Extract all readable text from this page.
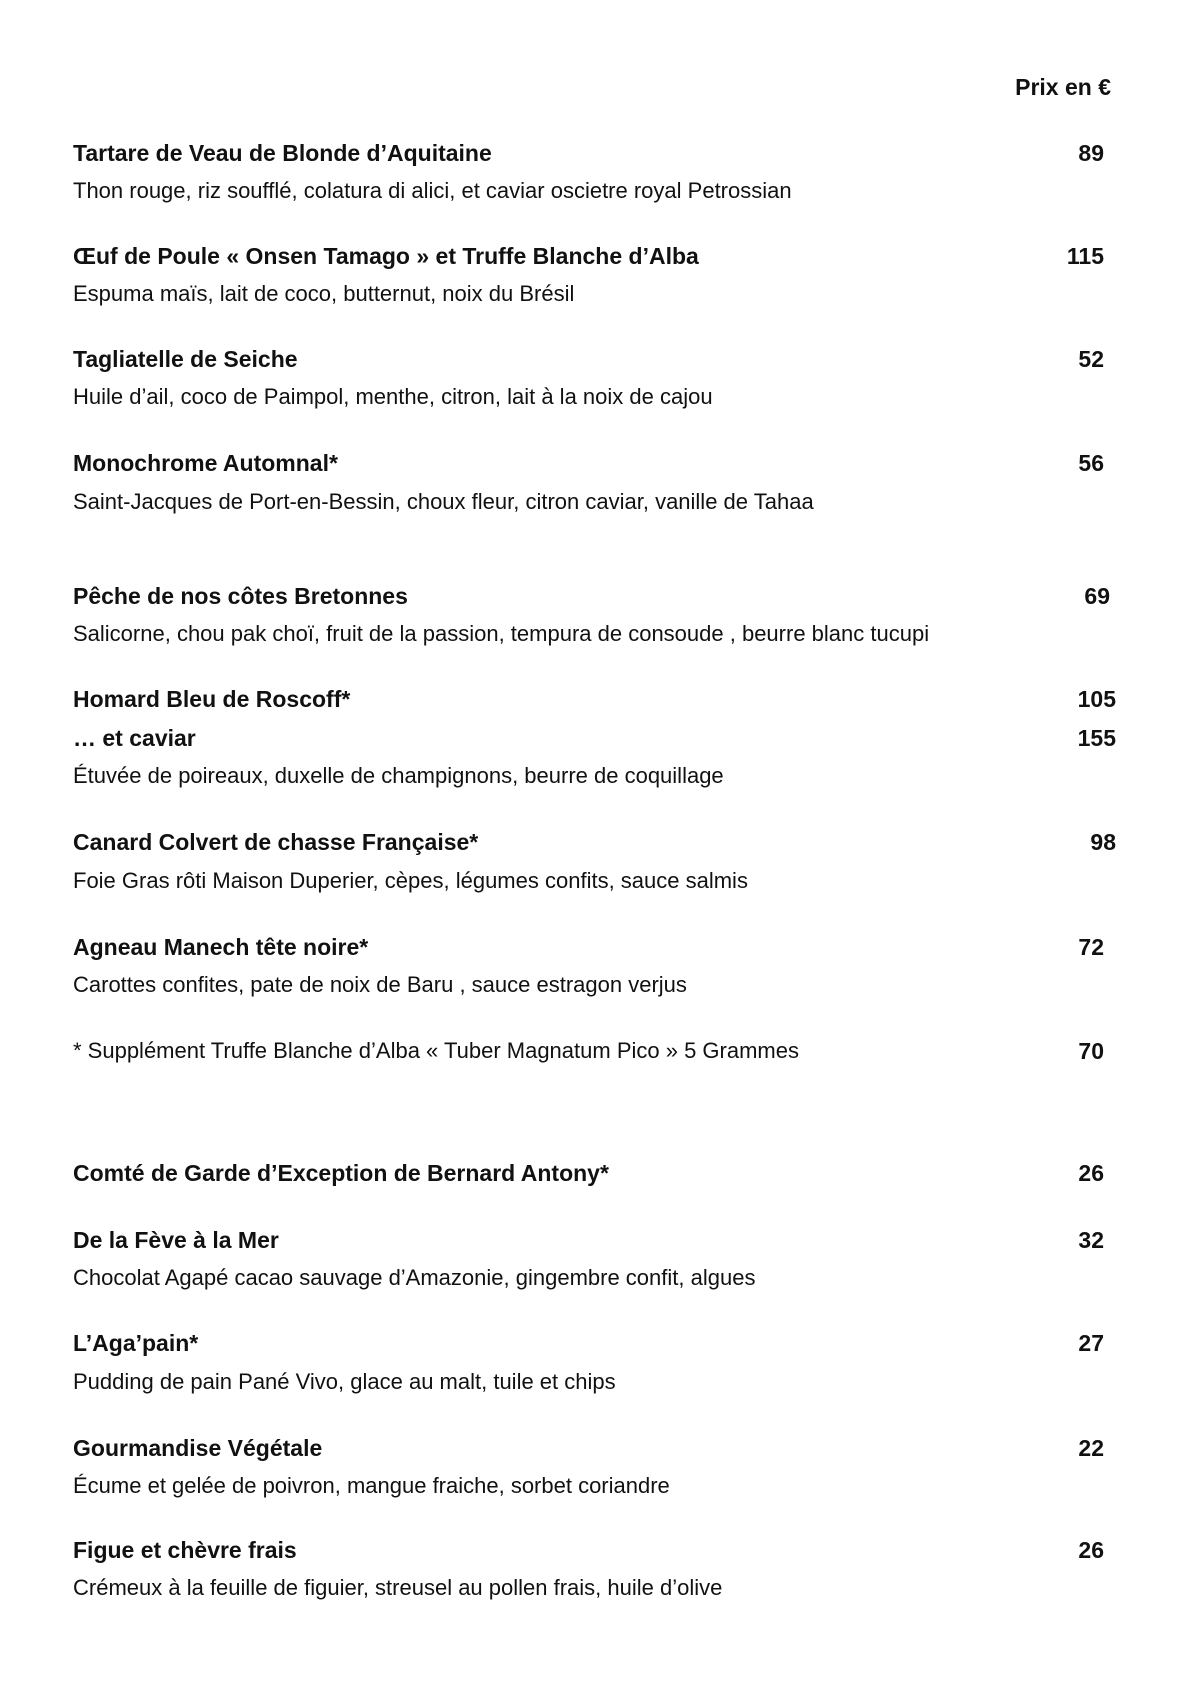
Prix en €
Tartare de Veau de Blonde d’Aquitaine	89
Thon rouge, riz soufflé, colatura di alici, et caviar oscietre royal Petrossian
Œuf de Poule « Onsen Tamago » et Truffe Blanche d’Alba	115
Espuma maïs, lait de coco, butternut, noix du Brésil
Tagliatelle de Seiche	52
Huile d’ail, coco de Paimpol, menthe, citron, lait à la noix de cajou
Monochrome Automnal*	56
Saint-Jacques de Port-en-Bessin, choux fleur, citron caviar, vanille de Tahaa
Pêche de nos côtes Bretonnes	69
Salicorne, chou pak choï, fruit de la passion, tempura de consoude , beurre blanc tucupi
Homard Bleu de Roscoff*	105
… et caviar	155
Étuvée de poireaux, duxelle de champignons, beurre de coquillage
Canard Colvert de chasse Française*	98
Foie Gras rôti Maison Duperier, cèpes, légumes confits, sauce salmis
Agneau Manech tête noire*	72
Carottes confites, pate de noix de Baru , sauce estragon verjus
* Supplément Truffe Blanche d’Alba « Tuber Magnatum Pico » 5 Grammes	70
Comté de Garde d’Exception de Bernard Antony*	26
De la Fève à la Mer	32
Chocolat Agapé cacao sauvage d’Amazonie, gingembre confit, algues
L’Aga’pain*	27
Pudding de pain Pané Vivo, glace au malt, tuile et chips
Gourmandise Végétale	22
Écume et gelée de poivron, mangue fraiche, sorbet coriandre
Figue et chèvre frais	26
Crémeux à la feuille de figuier, streusel au pollen frais, huile d’olive
